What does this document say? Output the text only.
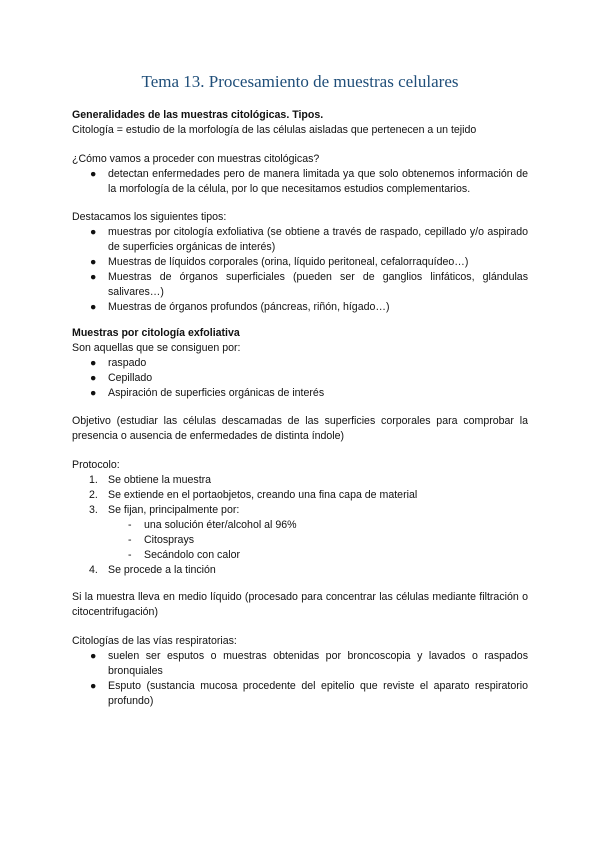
Tema 13. Procesamiento de muestras celulares

Generalidades de las muestras citológicas. Tipos.

Citología = estudio de la morfología de las células aisladas que pertenecen a un tejido

¿Cómo vamos a proceder con muestras citológicas?

● detectan enfermedades pero de manera limitada ya que solo obtenemos información de la morfología de la célula, por lo que necesitamos estudios complementarios.

Destacamos los siguientes tipos:

● muestras por citología exfoliativa (se obtiene a través de raspado, cepillado y/o aspirado de superficies orgánicas de interés)
● Muestras de líquidos corporales (orina, líquido peritoneal, cefalorraquídeo…)
● Muestras de órganos superficiales (pueden ser de ganglios linfáticos, glándulas salivares…)
● Muestras de órganos profundos (páncreas, riñón, hígado…)

Muestras por citología exfoliativa

Son aquellas que se consiguen por:

● raspado
● Cepillado
● Aspiración de superficies orgánicas de interés

Objetivo (estudiar las células descamadas de las superficies corporales para comprobar la presencia o ausencia de enfermedades de distinta índole)

Protocolo:

1. Se obtiene la muestra
2. Se extiende en el portaobjetos, creando una fina capa de material
3. Se fijan, principalmente por:
- una solución éter/alcohol al 96%
- Citosprays
- Secándolo con calor
4. Se procede a la tinción

Si la muestra lleva en medio líquido (procesado para concentrar las células mediante filtración o citocentrifugación)

Citologías de las vías respiratorias:

● suelen ser esputos o muestras obtenidas por broncoscopia y lavados o raspados bronquiales
● Esputo (sustancia mucosa procedente del epitelio que reviste el aparato respiratorio profundo)
